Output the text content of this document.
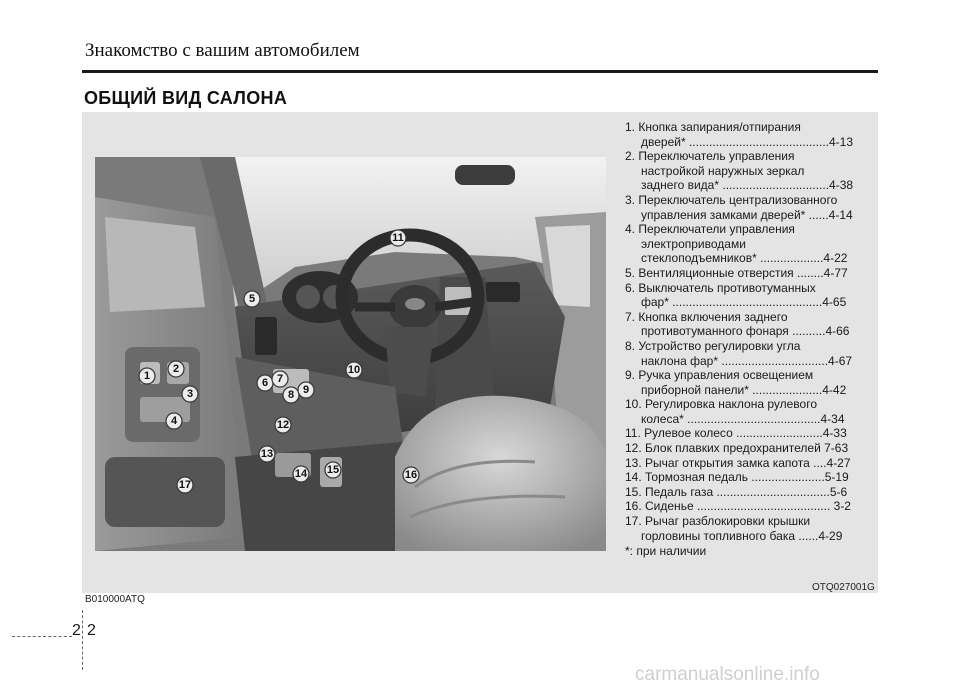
Знакомство с вашим автомобилем
ОБЩИЙ ВИД САЛОНА
1
2
3
4
5
6 7
8 9
10
11
12
13
14 15	16
17
1. Кнопка запирания/отпирания
дверей* ..........................................4-13
2. Переключатель управления
настройкой наружных зеркал
заднего вида* ................................4-38
3. Переключатель централизованного
управления замками дверей* ......4-14
4. Переключатели управления
электроприводами
стеклоподъемников* ...................4-22
5. Вентиляционные отверстия ........4-77
6. Выключатель противотуманных
фар* .............................................4-65
7. Кнопка включения заднего
противотуманного фонаря ..........4-66
8. Устройство регулировки угла
наклона фар* ................................4-67
9. Ручка управления освещением
приборной панели* .....................4-42
10. Регулировка наклона рулевого
колеса* ........................................4-34
11. Рулевое колесо ..........................4-33
12. Блок плавких предохранителей 7-63
13. Рычаг открытия замка капота ....4-27
14. Тормозная педаль ......................5-19
15. Педаль газа ..................................5-6
16. Сиденье ........................................ 3-2
17. Рычаг разблокировки крышки
горловины топливного бака ......4-29
*: при наличии
OTQ027001G
B010000ATQ
2 2
carmanualsonline.info
